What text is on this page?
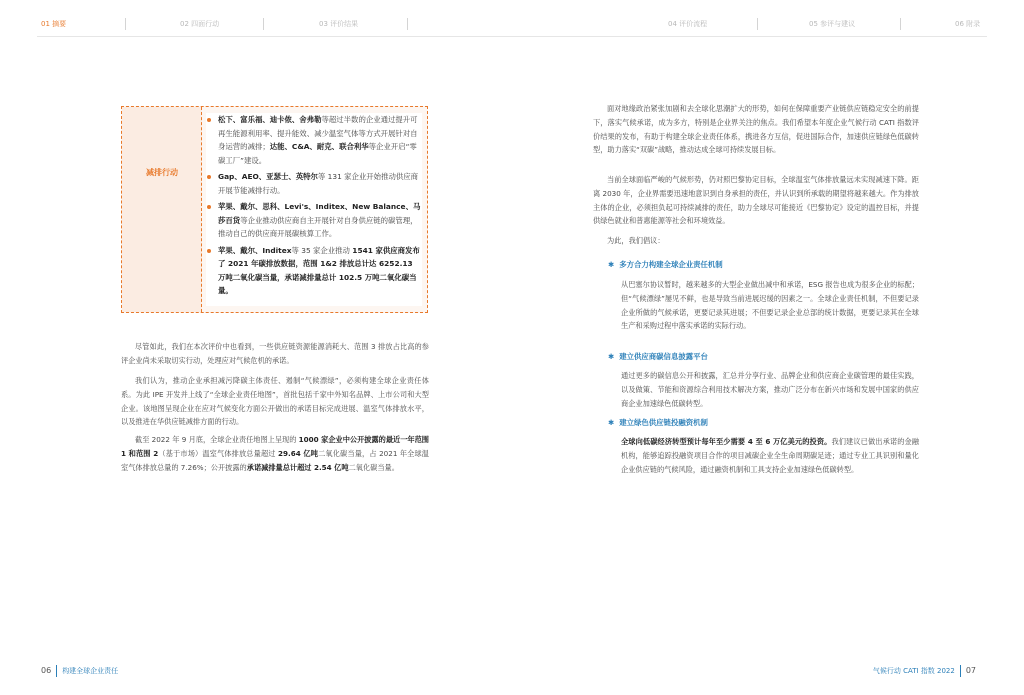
01 摘要	02 四面行动	03 评价结果	04 评价流程	05 参评与建议	06 附录
减排行动
松下、富乐福、迪卡侬、舍弗勒等超过半数的企业通过提升可再生能源利用率、提升能效、减少温室气体等方式开展针对自身运营的减排；达能、C&A、耐克、联合利华等企业开启“零碳工厂”建设。
Gap、AEO、亚瑟士、英特尔等 131 家企业开始推动供应商开展节能减排行动。
苹果、戴尔、思科、Levi's、Inditex、New Balance、马莎百货等企业推动供应商自主开展针对自身供应链的碳管理，推动自己的供应商开展碳核算工作。
苹果、戴尔、Inditex等 35 家企业推动 1541 家供应商发布了 2021 年碳排放数据，范围 1&2 排放总计达 6252.13 万吨二氧化碳当量，承诺减排量总计 102.5 万吨二氧化碳当量。
尽管如此，我们在本次评价中也看到，一些供应链资源能源消耗大、范围 3 排放占比高的参评企业尚未采取切实行动，处理应对气候危机的承诺。
我们认为，推动企业承担减污降碳主体责任、遏制“气候漂绿”，必须构建全球企业责任体系。为此 IPE 开发并上线了“全球企业责任地图”，首批包括千家中外知名品牌、上市公司和大型企业。该地图呈现企业在应对气候变化方面公开做出的承诺目标完成进展、温室气体排放水平，以及推进在华供应链减排方面的行动。
截至 2022 年 9 月底，全球企业责任地图上呈现的 1000 家企业中公开披露的最近一年范围 1 和范围 2（基于市场）温室气体排放总量超过 29.64 亿吨二氧化碳当量，占 2021 年全球温室气体排放总量的 7.26%；公开披露的承诺减排量总计超过 2.54 亿吨二氧化碳当量。
面对地缘政治紧张加剧和去全球化思潮扩大的形势，如何在保障重要产业链供应链稳定安全的前提下，落实气候承诺，成为多方，特别是企业界关注的焦点。我们希望本年度企业气候行动 CATI 指数评价结果的发布，有助于构建全球企业责任体系，携进各方互信，促进国际合作，加速供应链绿色低碳转型，助力落实“双碳”战略，推动达成全球可持续发展目标。
当前全球面临严峻的气候形势，仍对照巴黎协定目标，全球温室气体排放量远未实现减速下降。距离 2030 年，企业界需要迅速地意识到自身承担的责任，并认识到所承载的期望将越来越大。作为排放主体的企业，必须担负起可持续减排的责任，助力全球尽可能接近《巴黎协定》设定的温控目标，并提供绿色就业和普惠能源等社会和环境效益。
为此，我们倡议：
✱ 多方合力构建全球企业责任机制
从巴塞尔协议暂时，越来越多的大型企业做出减中和承诺，ESG 报告也成为很多企业的标配；但“气候漂绿”屡见不鲜，也是导致当前进展迟缓的因素之一。全球企业责任机制，不但要记录企业所做的气候承诺，更要记录其进展；不但要记录企业总部的统计数据，更要记录其在全球生产和采购过程中落实承诺的实际行动。
✱ 建立供应商碳信息披露平台
通过更多的碳信息公开和披露，汇总并分享行业、品牌企业和供应商企业碳管理的最佳实践，以及做策、节能和资源综合利用技术解决方案，推动广泛分布在新兴市场和发展中国家的供应商企业加速绿色低碳转型。
✱ 建立绿色供应链投融资机制
全球向低碳经济转型预计每年至少需要 4 至 6 万亿美元的投资。我们建议已做出承诺的金融机构，能够追踪投融资项目合作的项目减碳企业全生命周期碳足迹；通过专业工具识别和量化企业供应链的气候风险，通过融资机制和工具支持企业加速绿色低碳转型。
06 构建全球企业责任	气候行动 CATI 指数 2022 07
